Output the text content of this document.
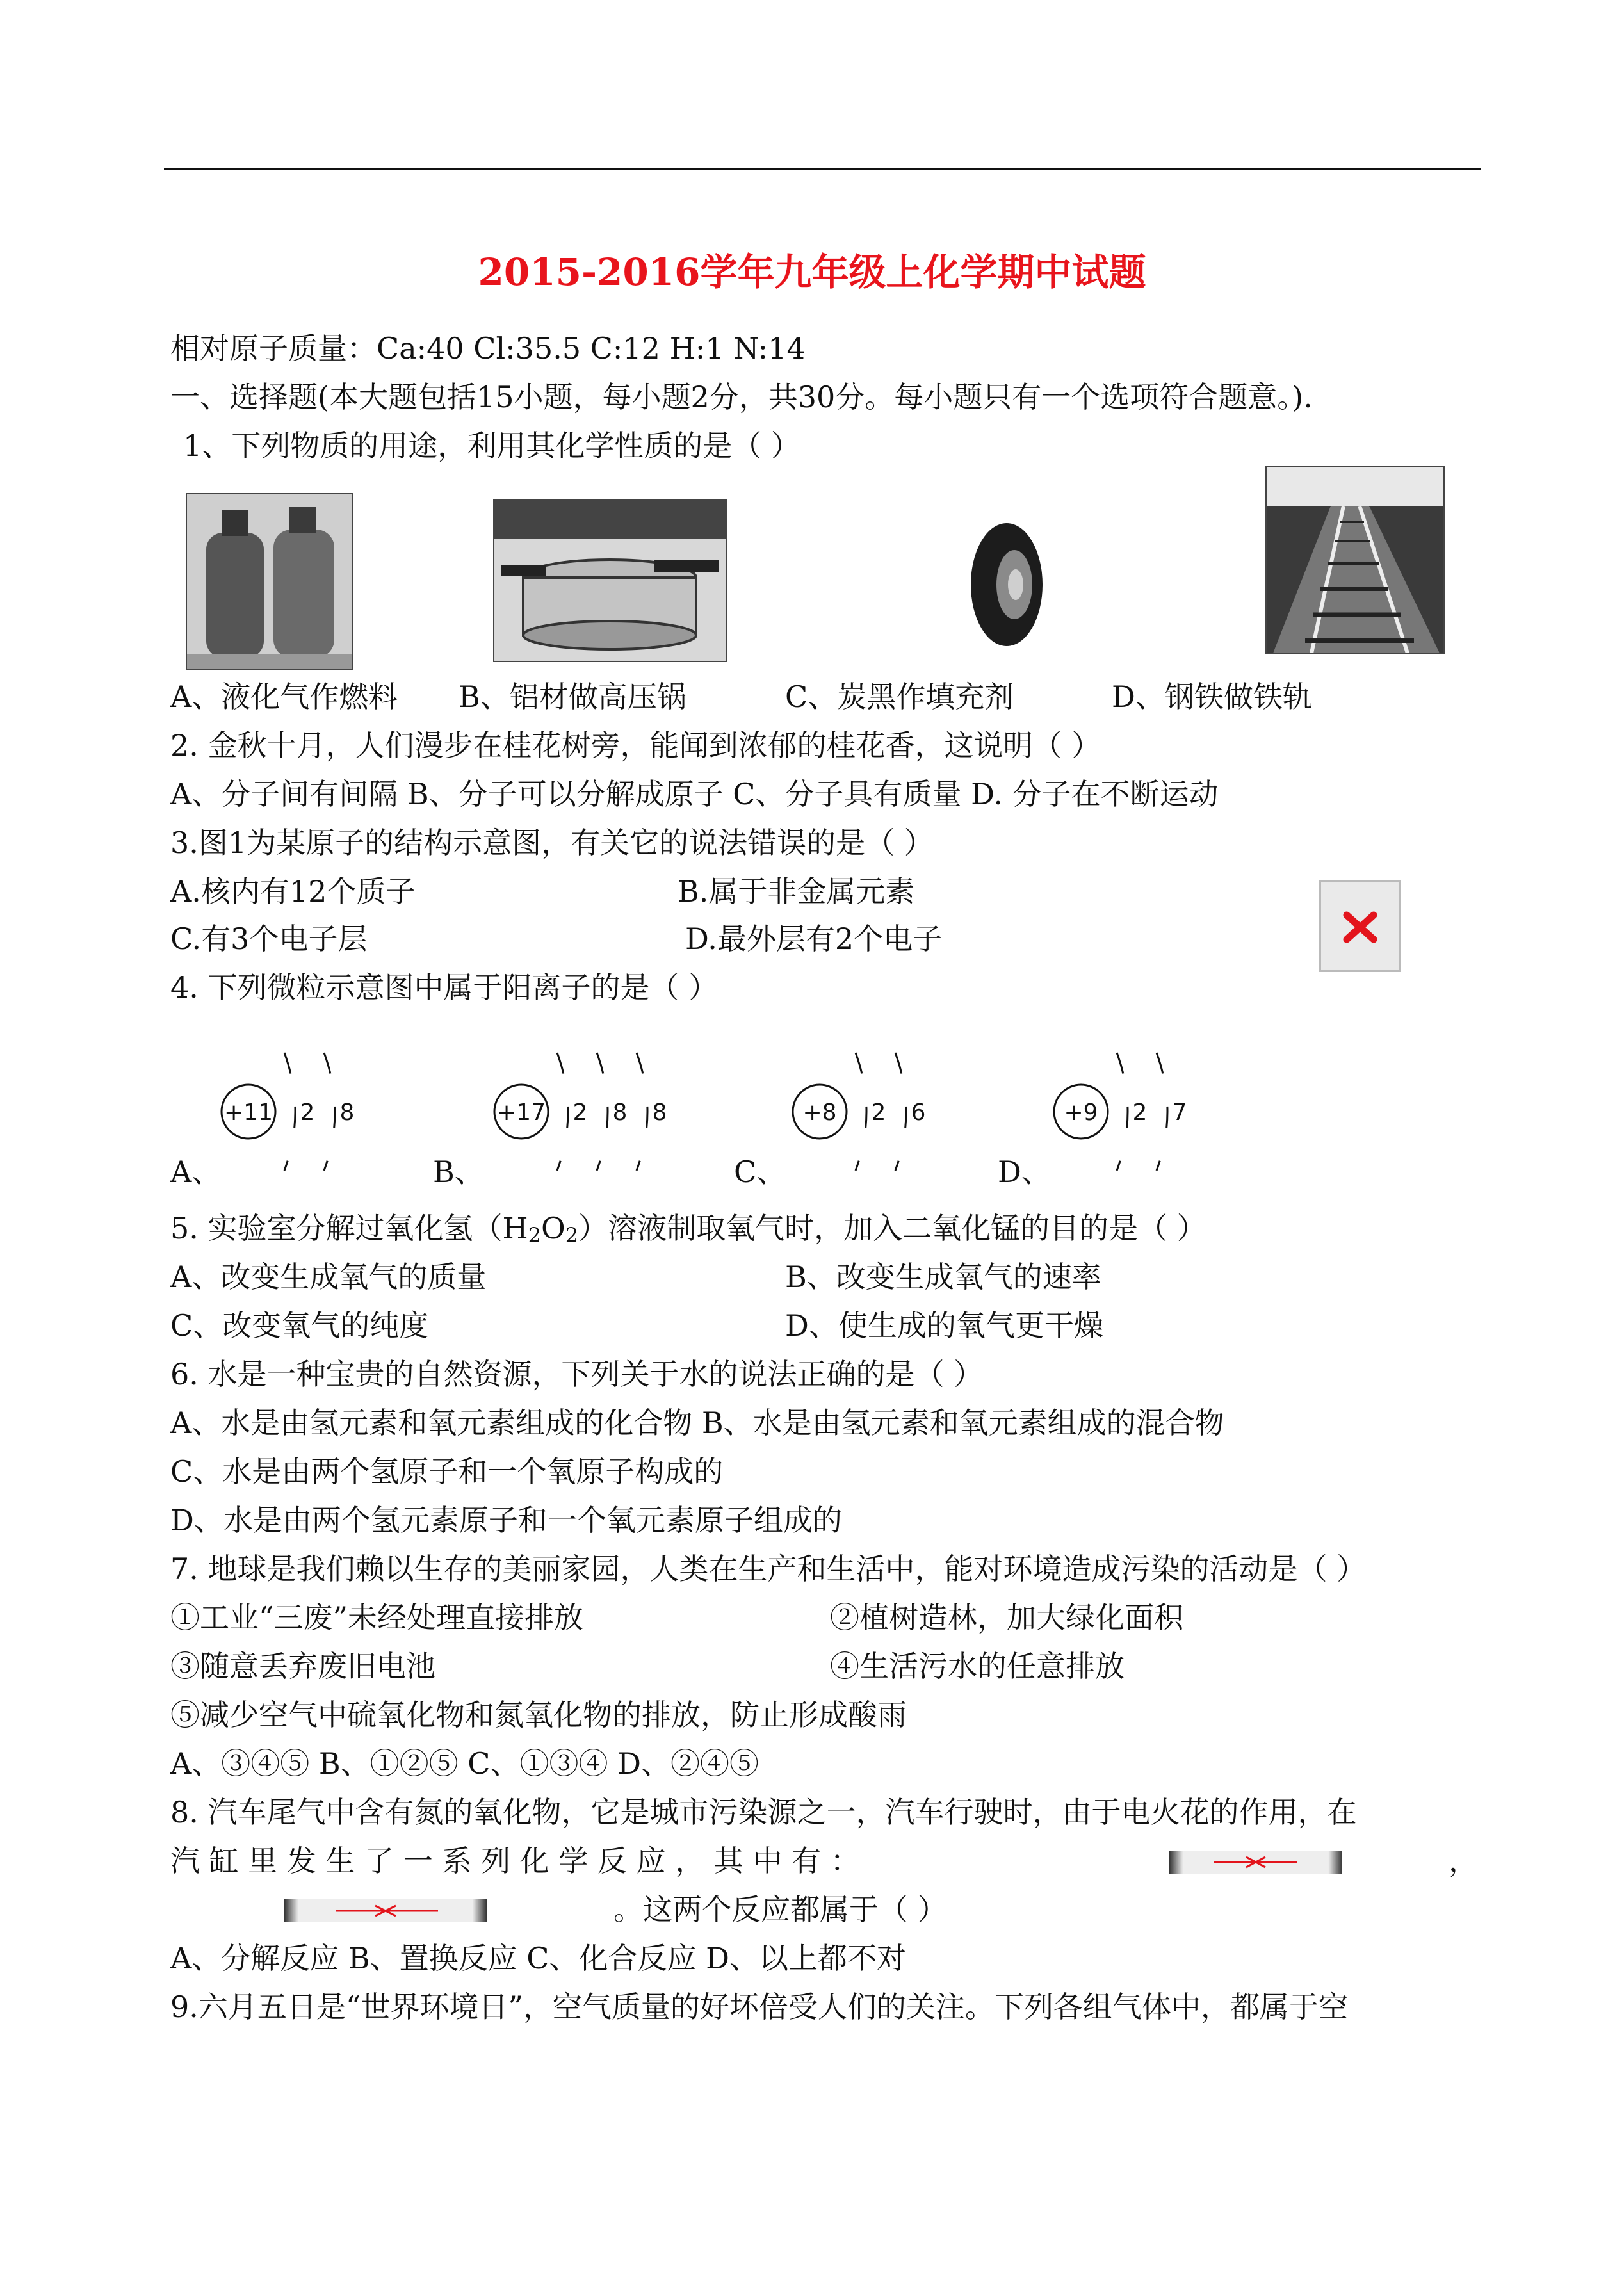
2015-2016学年九年级上化学期中试题
相对原子质量：Ca:40 Cl:35.5 C:12 H:1 N:14
一、选择题(本大题包括15小题，每小题2分，共30分。每小题只有一个选项符合题意。).
1、下列物质的用途，利用其化学性质的是（ ）
A、液化气作燃料 B、铝材做高压锅	C、炭黑作填充剂	D、钢铁做铁轨
2. 金秋十月，人们漫步在桂花树旁，能闻到浓郁的桂花香，这说明（ ）
A、分子间有间隔 B、分子可以分解成原子 C、分子具有质量 D. 分子在不断运动
3.图1为某原子的结构示意图，有关它的说法错误的是（ ）
A.核内有12个质子	B.属于非金属元素
C.有3个电子层	D.最外层有2个电子
4. 下列微粒示意图中属于阳离子的是（ ）
A、
+11 2 8
B、
+17 2 8 8
C、
+8 2 6
D、
+9 2 7
5. 实验室分解过氧化氢（H2O2）溶液制取氧气时，加入二氧化锰的目的是（ ）
A、改变生成氧气的质量	B、改变生成氧气的速率
C、改变氧气的纯度	D、使生成的氧气更干燥
6. 水是一种宝贵的自然资源，下列关于水的说法正确的是（ ）
A、水是由氢元素和氧元素组成的化合物 B、水是由氢元素和氧元素组成的混合物
C、水是由两个氢原子和一个氧原子构成的
D、水是由两个氢元素原子和一个氧元素原子组成的
7. 地球是我们赖以生存的美丽家园，人类在生产和生活中，能对环境造成污染的活动是（ ）
①工业“三废”未经处理直接排放	②植树造林，加大绿化面积
③随意丢弃废旧电池	④生活污水的任意排放
⑤减少空气中硫氧化物和氮氧化物的排放，防止形成酸雨
A、③④⑤ B、①②⑤ C、①③④ D、②④⑤
8. 汽车尾气中含有氮的氧化物，它是城市污染源之一，汽车行驶时，由于电火花的作用，在
汽 缸 里 发 生 了 一 系 列 化 学 反 应 ， 其 中 有 ：	，
。这两个反应都属于（ ）
A、分解反应 B、置换反应 C、化合反应 D、以上都不对
9.六月五日是“世界环境日”，空气质量的好坏倍受人们的关注。下列各组气体中，都属于空
